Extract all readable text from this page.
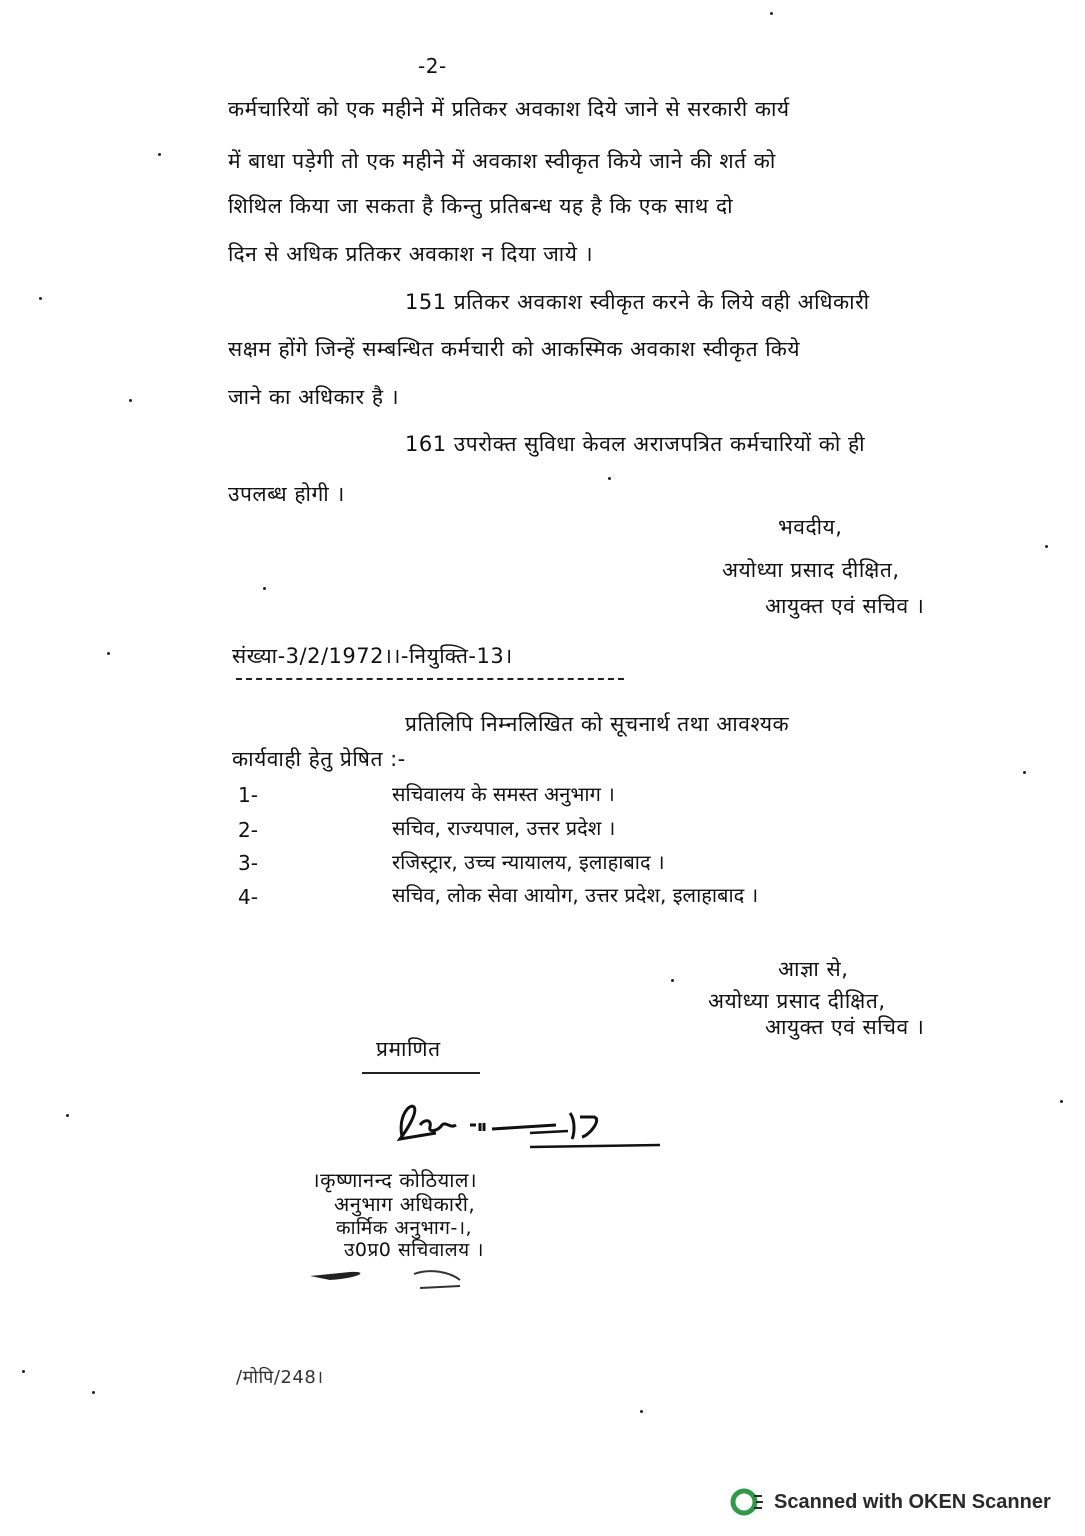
-2-
कर्मचारियों को एक महीने में प्रतिकर अवकाश दिये जाने से सरकारी कार्य
में बाधा पड़ेगी तो एक महीने में अवकाश स्वीकृत किये जाने की शर्त को
शिथिल किया जा सकता है किन्तु प्रतिबन्ध यह है कि एक साथ दो
दिन से अधिक प्रतिकर अवकाश न दिया जाये ।
151 प्रतिकर अवकाश स्वीकृत करने के लिये वही अधिकारी
सक्षम होंगे जिन्हें सम्बन्धित कर्मचारी को आकस्मिक अवकाश स्वीकृत किये
जाने का अधिकार है ।
161 उपरोक्त सुविधा केवल अराजपत्रित कर्मचारियों को ही
उपलब्ध होगी ।
भवदीय,
अयोध्या प्रसाद दीक्षित,
आयुक्त एवं सचिव ।
संख्या-3/2/1972।।-नियुक्ति-13।
प्रतिलिपि निम्नलिखित को सूचनार्थ तथा आवश्यक
कार्यवाही हेतु प्रेषित :-
1-	सचिवालय के समस्त अनुभाग ।
2-	सचिव, राज्यपाल, उत्तर प्रदेश ।
3-	रजिस्ट्रार, उच्च न्यायालय, इलाहाबाद ।
4-	सचिव, लोक सेवा आयोग, उत्तर प्रदेश, इलाहाबाद ।
आज्ञा से,
अयोध्या प्रसाद दीक्षित,
आयुक्त एवं सचिव ।
प्रमाणित
।कृष्णानन्द कोठियाल।
अनुभाग अधिकारी,
कार्मिक अनुभाग-।,
उ0प्र0 सचिवालय ।
/मोपि/248।
Scanned with OKEN Scanner
